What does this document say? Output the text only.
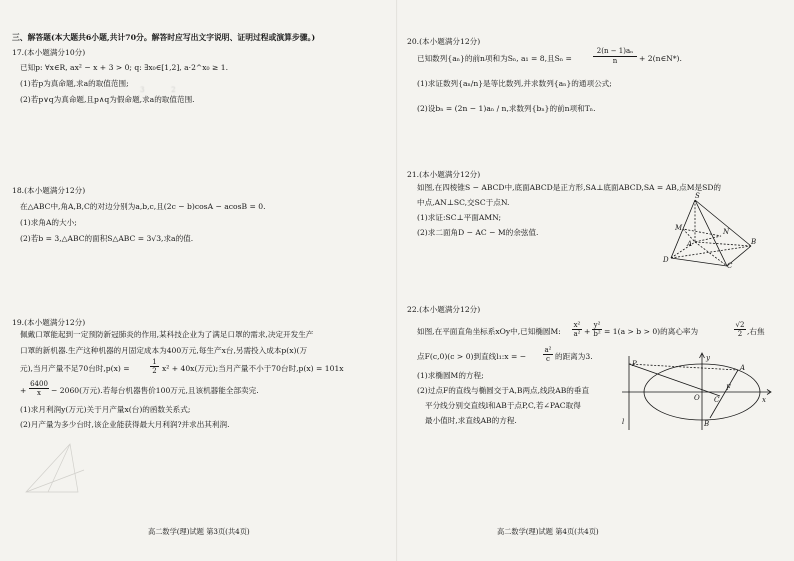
3            2

三、解答题(本大题共6小题,共计70分。解答时应写出文字说明、证明过程或演算步骤。)
17.(本小题满分10分)
已知p: ∀x∈R, ax² − x + 3 > 0; q: ∃x₀∈[1,2], a·2^x₀ ≥ 1.
(1)若p为真命题,求a的取值范围;
(2)若p∨q为真命题,且p∧q为假命题,求a的取值范围.
18.(本小题满分12分)
在△ABC中,角A,B,C的对边分别为a,b,c,且(2c − b)cosA − acosB = 0.
(1)求角A的大小;
(2)若b = 3,△ABC的面积S△ABC = 3√3,求a的值.
19.(本小题满分12分)
佩戴口罩能起到一定预防新冠肺炎的作用,某科技企业为了满足口罩的需求,决定开发生产
口罩的新机器.生产这种机器的月固定成本为400万元,每生产x台,另需投入成本p(x)(万
元),当月产量不足70台时,p(x) =
1
2 x² + 40x(万元);当月产量不小于70台时,p(x) = 101x
+
6400
x	− 2060(万元).若每台机器售价100万元,且该机器能全部卖完.
(1)求月利润y(万元)关于月产量x(台)的函数关系式;
(2)月产量为多少台时,该企业能获得最大月利润?并求出其利润.
高二数学(理)试题 第3页(共4页)

20.(本小题满分12分)
已知数列{aₙ}的前n项和为Sₙ, a₁ = 8,且Sₙ =
2(n − 1)aₙ
n	+ 2(n∈N*).
(1)求证数列{aₙ/n}是等比数列,并求数列{aₙ}的通项公式;
(2)设bₙ = (2n − 1)aₙ / n,求数列{bₙ}的前n项和Tₙ.
21.(本小题满分12分)
如图,在四棱锥S − ABCD中,底面ABCD是正方形,SA⊥底面ABCD,SA = AB,点M是SD的
中点,AN⊥SC,交SC于点N.
(1)求证:SC⊥平面AMN;
(2)求二面角D − AC − M的余弦值.
S
M	N
A	B
C
D
22.(本小题满分12分)
如图,在平面直角坐标系xOy中,已知椭圆M:
x²
a² +
y²
b² = 1(a > b > 0)的离心率为
√2
2 ,右焦
点F(c,0)(c > 0)到直线l₁:x = −
a²
c 的距离为3.
(1)求椭圆M的方程;
(2)过点F的直线与椭圆交于A,B两点,线段AB的垂直
平分线分别交直线l和AB于点P,C,若∠PAC取得
最小值时,求直线AB的方程.
P
O
F
C
A
B
l
x
y
高二数学(理)试题 第4页(共4页)
